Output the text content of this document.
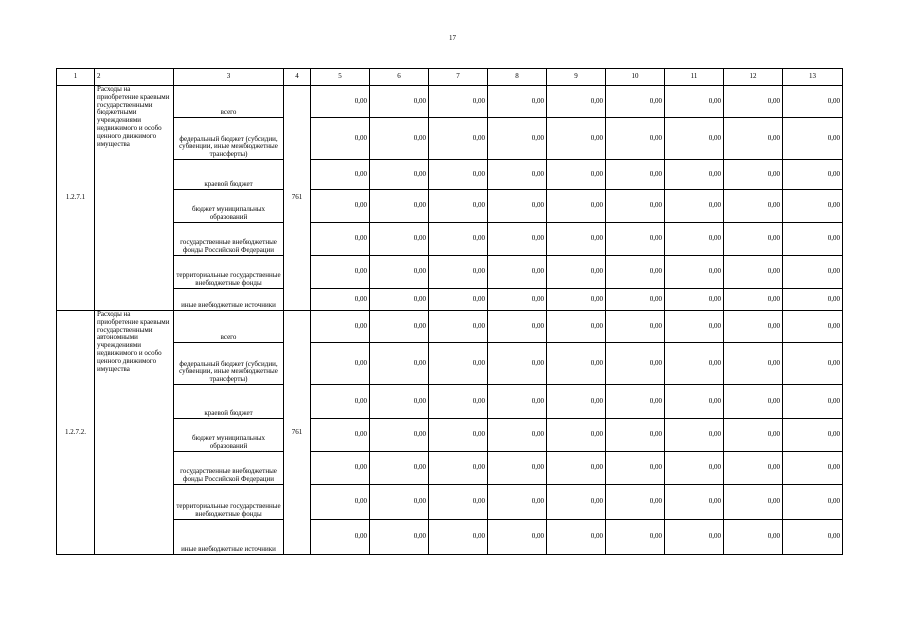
17
1	2	3	4	5	6	7	8	9	10	11	12	13
1.2.7.1	Расходы на приобретение краевыми государственными бюджетными учреждениями недвижимого и особо ценного движимого имущества	всего	761	0,00	0,00	0,00	0,00	0,00	0,00	0,00	0,00	0,00
		федеральный бюджет (субсидии, субвенции, иные межбюджетные трансферты)		0,00	0,00	0,00	0,00	0,00	0,00	0,00	0,00	0,00
		краевой бюджет		0,00	0,00	0,00	0,00	0,00	0,00	0,00	0,00	0,00
		бюджет муниципальных образований		0,00	0,00	0,00	0,00	0,00	0,00	0,00	0,00	0,00
		государственные внебюджетные фонды Российской Федерации		0,00	0,00	0,00	0,00	0,00	0,00	0,00	0,00	0,00
		территориальные государственные внебюджетные фонды		0,00	0,00	0,00	0,00	0,00	0,00	0,00	0,00	0,00
		иные внебюджетные источники		0,00	0,00	0,00	0,00	0,00	0,00	0,00	0,00	0,00
1.2.7.2.	Расходы на приобретение краевыми государственными автономными учреждениями недвижимого и особо ценного движимого имущества	всего	761	0,00	0,00	0,00	0,00	0,00	0,00	0,00	0,00	0,00
		федеральный бюджет (субсидии, субвенции, иные межбюджетные трансферты)		0,00	0,00	0,00	0,00	0,00	0,00	0,00	0,00	0,00
		краевой бюджет		0,00	0,00	0,00	0,00	0,00	0,00	0,00	0,00	0,00
		бюджет муниципальных образований		0,00	0,00	0,00	0,00	0,00	0,00	0,00	0,00	0,00
		государственные внебюджетные фонды Российской Федерации		0,00	0,00	0,00	0,00	0,00	0,00	0,00	0,00	0,00
		территориальные государственные внебюджетные фонды		0,00	0,00	0,00	0,00	0,00	0,00	0,00	0,00	0,00
		иные внебюджетные источники		0,00	0,00	0,00	0,00	0,00	0,00	0,00	0,00	0,00
